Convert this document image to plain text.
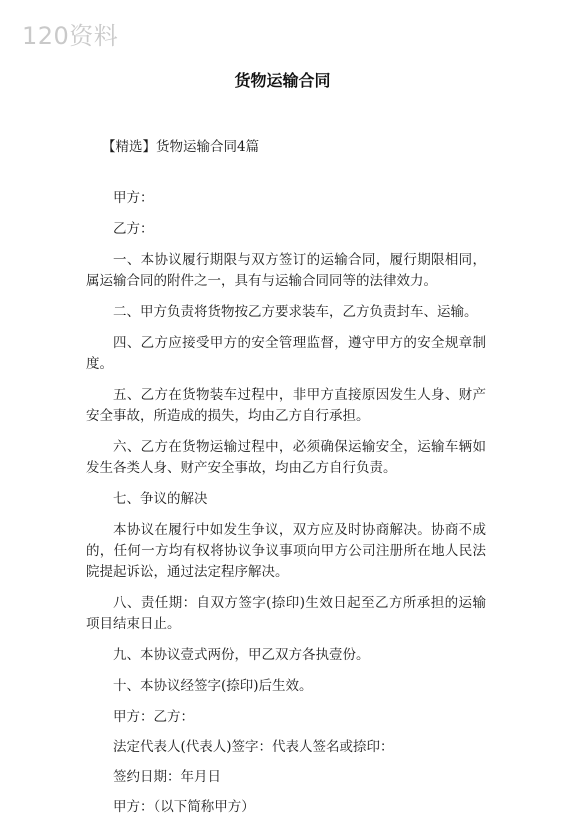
120资料
货物运输合同
【精选】货物运输合同4篇

甲方：

乙方：

一、本协议履行期限与双方签订的运输合同，履行期限相同，属运输合同的附件之一，具有与运输合同同等的法律效力。

二、甲方负责将货物按乙方要求装车，乙方负责封车、运输。

四、乙方应接受甲方的安全管理监督，遵守甲方的安全规章制度。

五、乙方在货物装车过程中，非甲方直接原因发生人身、财产安全事故，所造成的损失，均由乙方自行承担。

六、乙方在货物运输过程中，必须确保运输安全，运输车辆如发生各类人身、财产安全事故，均由乙方自行负责。

七、争议的解决

本协议在履行中如发生争议，双方应及时协商解决。协商不成的，任何一方均有权将协议争议事项向甲方公司注册所在地人民法院提起诉讼，通过法定程序解决。

八、责任期：自双方签字(捺印)生效日起至乙方所承担的运输项目结束日止。

九、本协议壹式两份，甲乙双方各执壹份。

十、本协议经签字(捺印)后生效。

甲方：乙方：

法定代表人(代表人)签字：代表人签名或捺印：

签约日期：年月日

甲方：（以下简称甲方）
